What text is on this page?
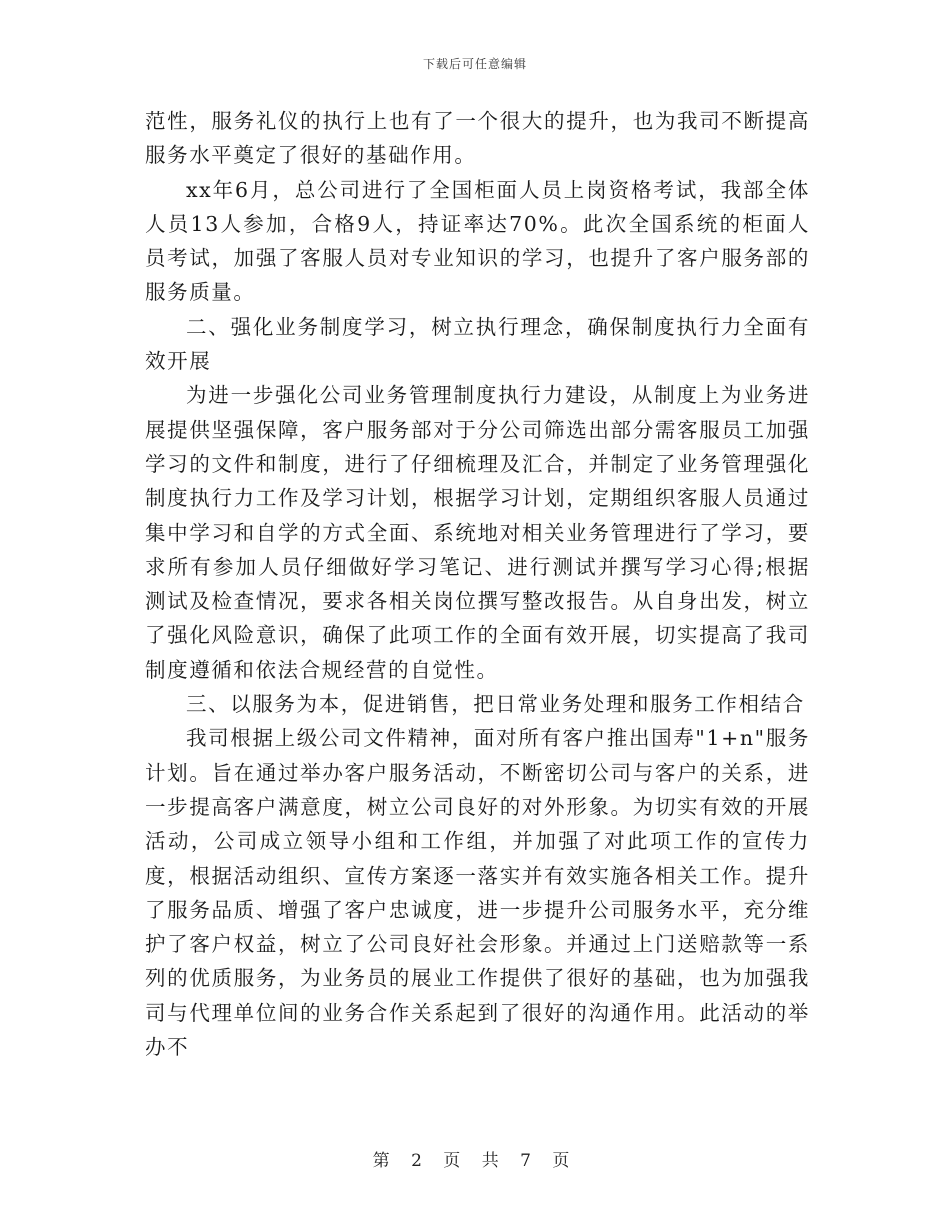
下载后可任意编辑

范性，服务礼仪的执行上也有了一个很大的提升，也为我司不断提高服务水平奠定了很好的基础作用。

xx年6月，总公司进行了全国柜面人员上岗资格考试，我部全体人员13人参加，合格9人，持证率达70%。此次全国系统的柜面人员考试，加强了客服人员对专业知识的学习，也提升了客户服务部的服务质量。

二、强化业务制度学习，树立执行理念，确保制度执行力全面有效开展

为进一步强化公司业务管理制度执行力建设，从制度上为业务进展提供坚强保障，客户服务部对于分公司筛选出部分需客服员工加强学习的文件和制度，进行了仔细梳理及汇合，并制定了业务管理强化制度执行力工作及学习计划，根据学习计划，定期组织客服人员通过集中学习和自学的方式全面、系统地对相关业务管理进行了学习，要求所有参加人员仔细做好学习笔记、进行测试并撰写学习心得;根据测试及检查情况，要求各相关岗位撰写整改报告。从自身出发，树立了强化风险意识，确保了此项工作的全面有效开展，切实提高了我司制度遵循和依法合规经营的自觉性。

三、以服务为本，促进销售，把日常业务处理和服务工作相结合

我司根据上级公司文件精神，面对所有客户推出国寿"1+n"服务计划。旨在通过举办客户服务活动，不断密切公司与客户的关系，进一步提高客户满意度，树立公司良好的对外形象。为切实有效的开展活动，公司成立领导小组和工作组，并加强了对此项工作的宣传力度，根据活动组织、宣传方案逐一落实并有效实施各相关工作。提升了服务品质、增强了客户忠诚度，进一步提升公司服务水平，充分维护了客户权益，树立了公司良好社会形象。并通过上门送赔款等一系列的优质服务，为业务员的展业工作提供了很好的基础，也为加强我司与代理单位间的业务合作关系起到了很好的沟通作用。此活动的举办不

第 2 页 共 7 页
